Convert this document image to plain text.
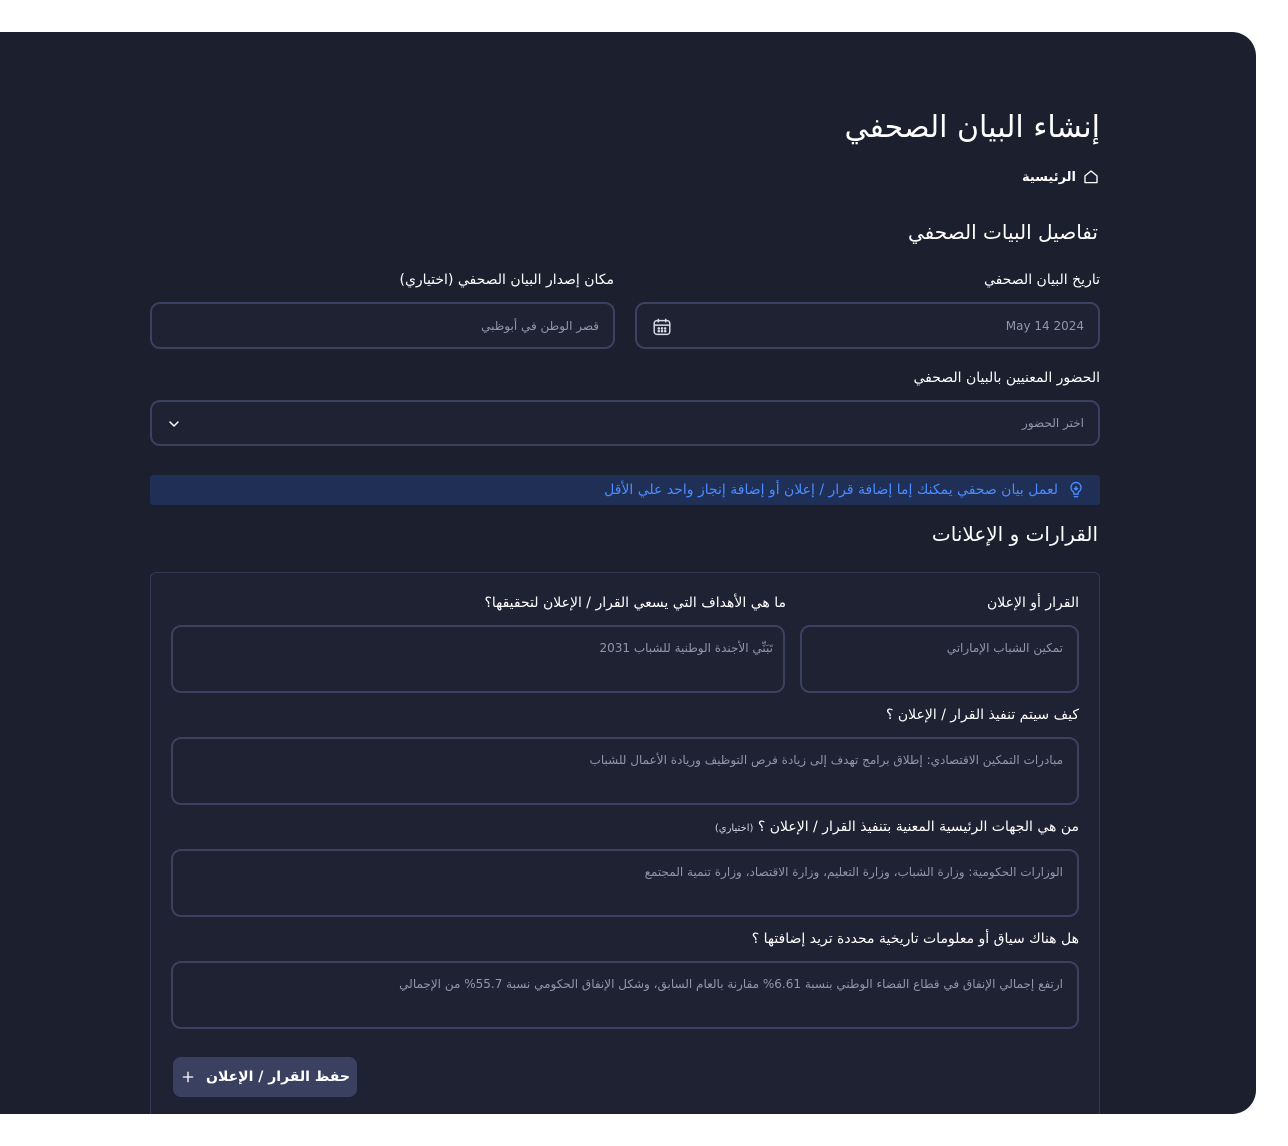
إنشاء البيان الصحفي
الرئيسية
تفاصيل البيات الصحفي
تاريخ البيان الصحفي
مكان إصدار البيان الصحفي (اختياري)
May 14 2024
قصر الوطن في أبوظبي
الحضور المعنيين بالبيان الصحفي
اختر الحضور
لعمل بيان صحفي يمكنك إما إضافة قرار / إعلان أو إضافة إنجاز واحد علي الأقل
القرارات و الإعلانات
القرار أو الإعلان
ما هي الأهداف التي يسعي القرار / الإعلان لتحقيقها؟
تمكين الشباب الإماراتي
تَبَنِّي الأجندة الوطنية للشباب 2031
كيف سيتم تنفيذ القرار / الإعلان ؟
مبادرات التمكين الاقتصادي: إطلاق برامج تهدف إلى زيادة فرص التوظيف وريادة الأعمال للشباب
من هي الجهات الرئيسية المعنية بتنفيذ القرار / الإعلان ؟ (اختياري)
الوزارات الحكومية: وزارة الشباب، وزارة التعليم، وزارة الاقتصاد، وزارة تنمية المجتمع
هل هناك سياق أو معلومات تاريخية محددة تريد إضافتها ؟
ارتفع إجمالي الإنفاق في قطاع الفضاء الوطني بنسبة 6.61% مقارنة بالعام السابق، وشكل الإنفاق الحكومي نسبة 55.7% من الإجمالي
حفظ القرار / الإعلان
